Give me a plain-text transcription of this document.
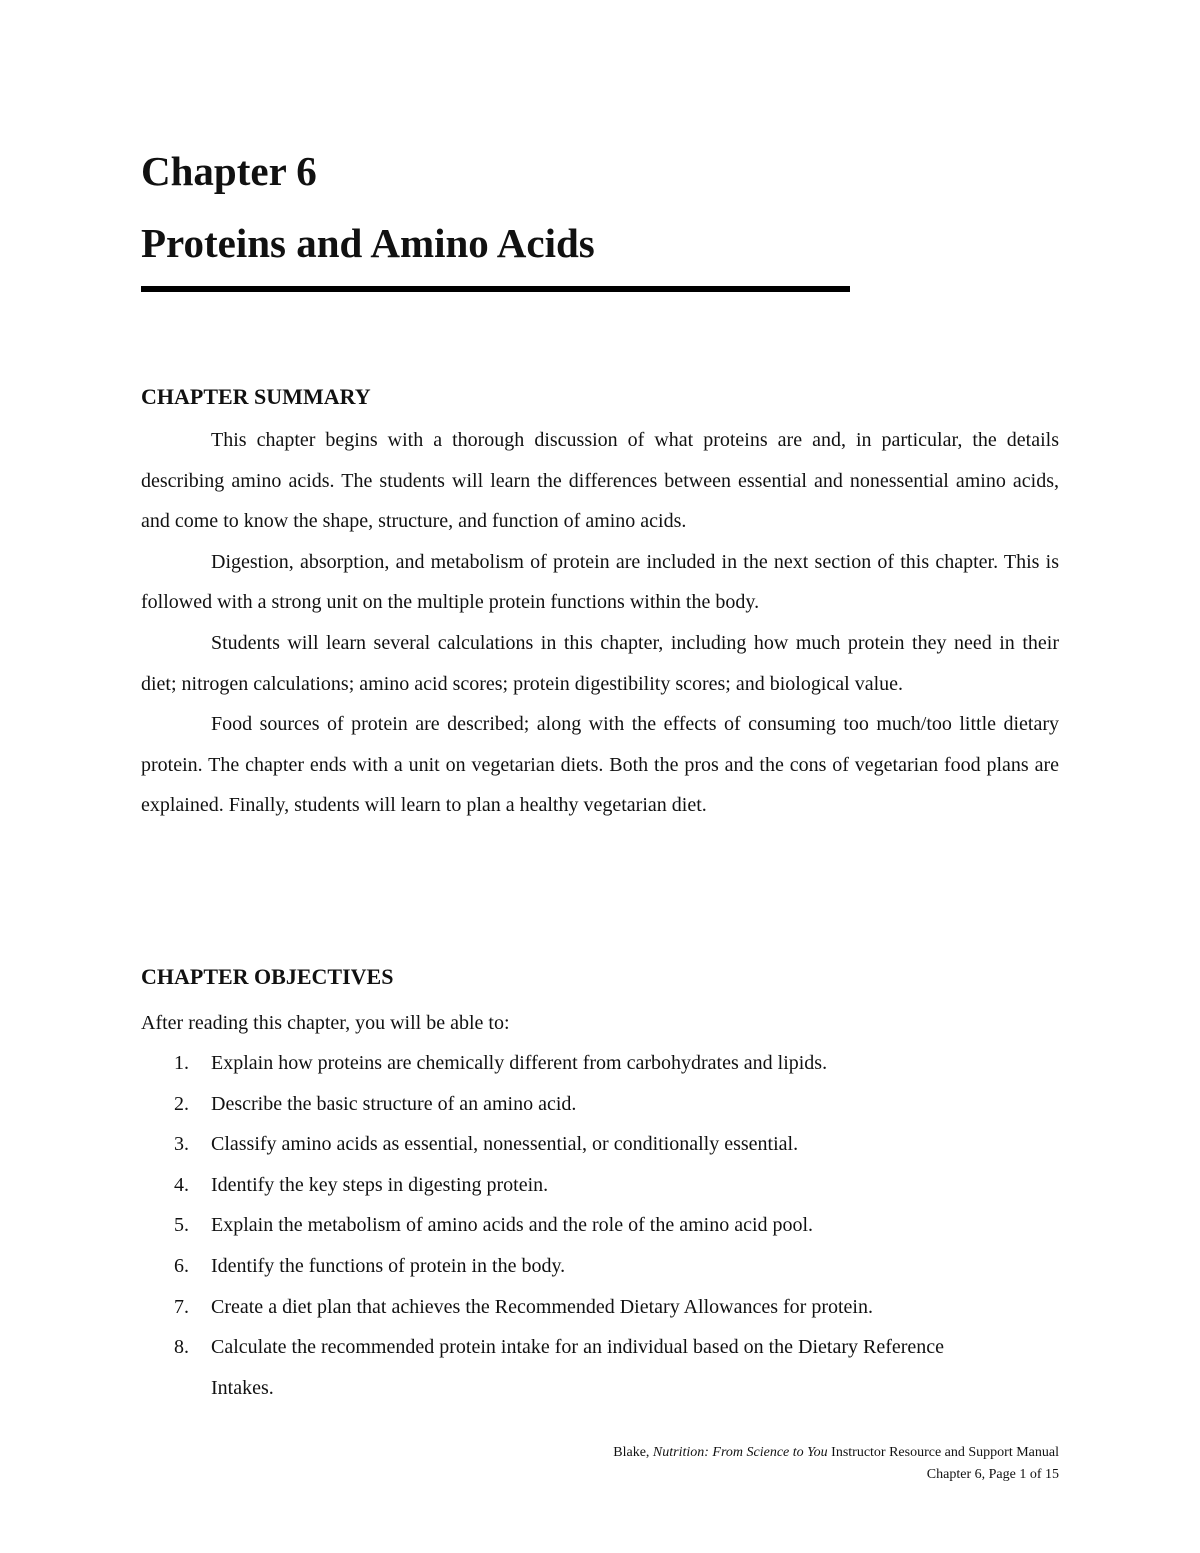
Chapter 6
Proteins and Amino Acids
CHAPTER SUMMARY

This chapter begins with a thorough discussion of what proteins are and, in particular, the details describing amino acids. The students will learn the differences between essential and nonessential amino acids, and come to know the shape, structure, and function of amino acids.

Digestion, absorption, and metabolism of protein are included in the next section of this chapter. This is followed with a strong unit on the multiple protein functions within the body.

Students will learn several calculations in this chapter, including how much protein they need in their diet; nitrogen calculations; amino acid scores; protein digestibility scores; and biological value.

Food sources of protein are described; along with the effects of consuming too much/too little dietary protein. The chapter ends with a unit on vegetarian diets. Both the pros and the cons of vegetarian food plans are explained. Finally, students will learn to plan a healthy vegetarian diet.

CHAPTER OBJECTIVES

After reading this chapter, you will be able to:

1. Explain how proteins are chemically different from carbohydrates and lipids.
2. Describe the basic structure of an amino acid.
3. Classify amino acids as essential, nonessential, or conditionally essential.
4. Identify the key steps in digesting protein.
5. Explain the metabolism of amino acids and the role of the amino acid pool.
6. Identify the functions of protein in the body.
7. Create a diet plan that achieves the Recommended Dietary Allowances for protein.
8. Calculate the recommended protein intake for an individual based on the Dietary Reference Intakes.
Blake, Nutrition: From Science to You Instructor Resource and Support Manual
Chapter 6, Page 1 of 15
